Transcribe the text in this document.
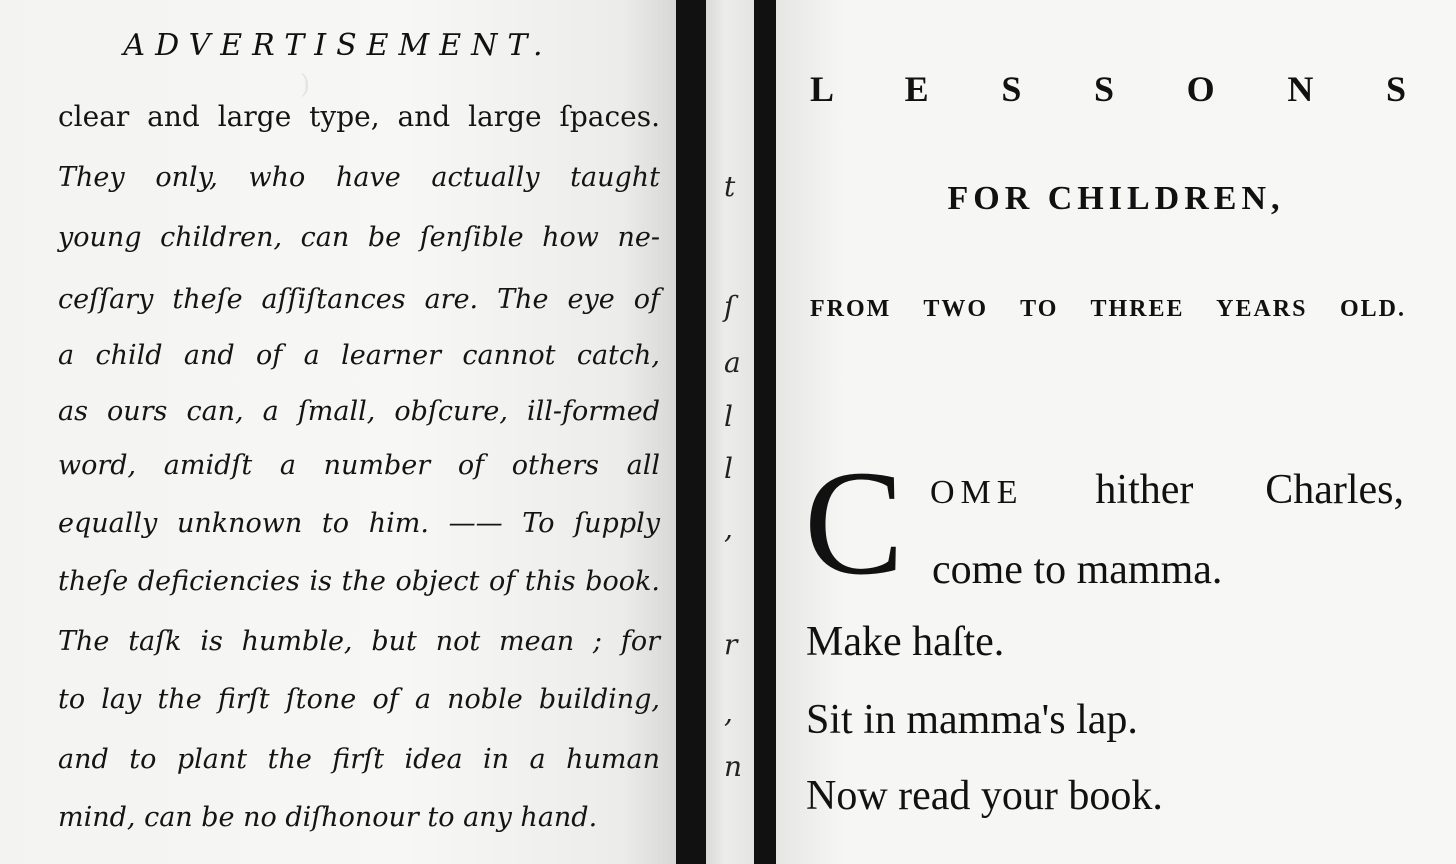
(
ADVERTISEMENT.
clear and large type, and large ſpaces.
They only, who have actually taught
young children, can be ſenſible how ne-
ceſſary theſe aſſiſtances are. The eye of
a child and of a learner cannot catch,
as ours can, a ſmall, obſcure, ill-formed
word, amidſt a number of others all
equally unknown to him. —— To ſupply
theſe deficiencies is the object of this book.
The taſk is humble, but not mean ; for
to lay the firſt ſtone of a noble building,
and to plant the firſt idea in a human
mind, can be no diſhonour to any hand.
t
ſ
a
l
l
,
r
,
n
L E S S O N S
FOR CHILDREN,
FROM TWO TO THREE YEARS OLD.
C OME hither Charles,
come to mamma.
Make haſte.
Sit in mamma's lap.
Now read your book.
